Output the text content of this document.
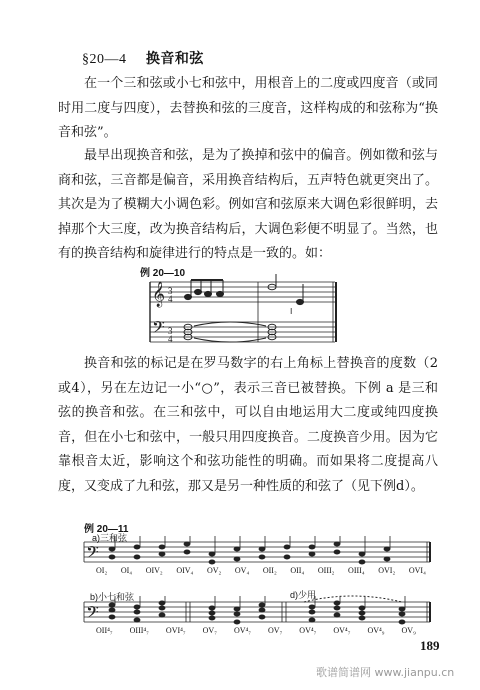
§20—4 换音和弦

在一个三和弦或小七和弦中，用根音上的二度或四度音（或同时用二度与四度），去替换和弦的三度音，这样构成的和弦称为“换音和弦”。

最早出现换音和弦，是为了换掉和弦中的偏音。例如徵和弦与商和弦，三音都是偏音，采用换音结构后，五声特色就更突出了。其次是为了模糊大小调色彩。例如宫和弦原来大调色彩很鲜明，去掉那个大三度，改为换音结构后，大调色彩便不明显了。当然，也有的换音结构和旋律进行的特点是一致的。如：

例 20—10
𝄞
𝄢
3
4
3
4
Ⅰ

换音和弦的标记是在罗马数字的右上角标上替换音的度数（2或4），另在左边记一小“○”，表示三音已被替换。下例 a 是三和弦的换音和弦。在三和弦中，可以自由地运用大二度或纯四度换音，但在小七和弦中，一般只用四度换音。二度换音少用。因为它靠根音太近，影响这个和弦功能性的明确。而如果将二度提高八度，又变成了九和弦，那又是另一种性质的和弦了（见下例d）。

例 20—11
a)三和弦
𝄢
OI₂ OI₄ OIV₂ OIV₄ OV₂ OV₄ OII₂ OII₄ OIII₂ OIII₄ OVI₂ OVI₄
b)小七和弦	d)少用
𝄢
OII⁴₇ OIII⁴₇ OVI⁴₇ OV₇ OV⁴₇ OV₇ OV⁴₇ OV⁴₇ OV⁴₉ OV₉
189
歌谱简谱网 www.jianpu.cn
